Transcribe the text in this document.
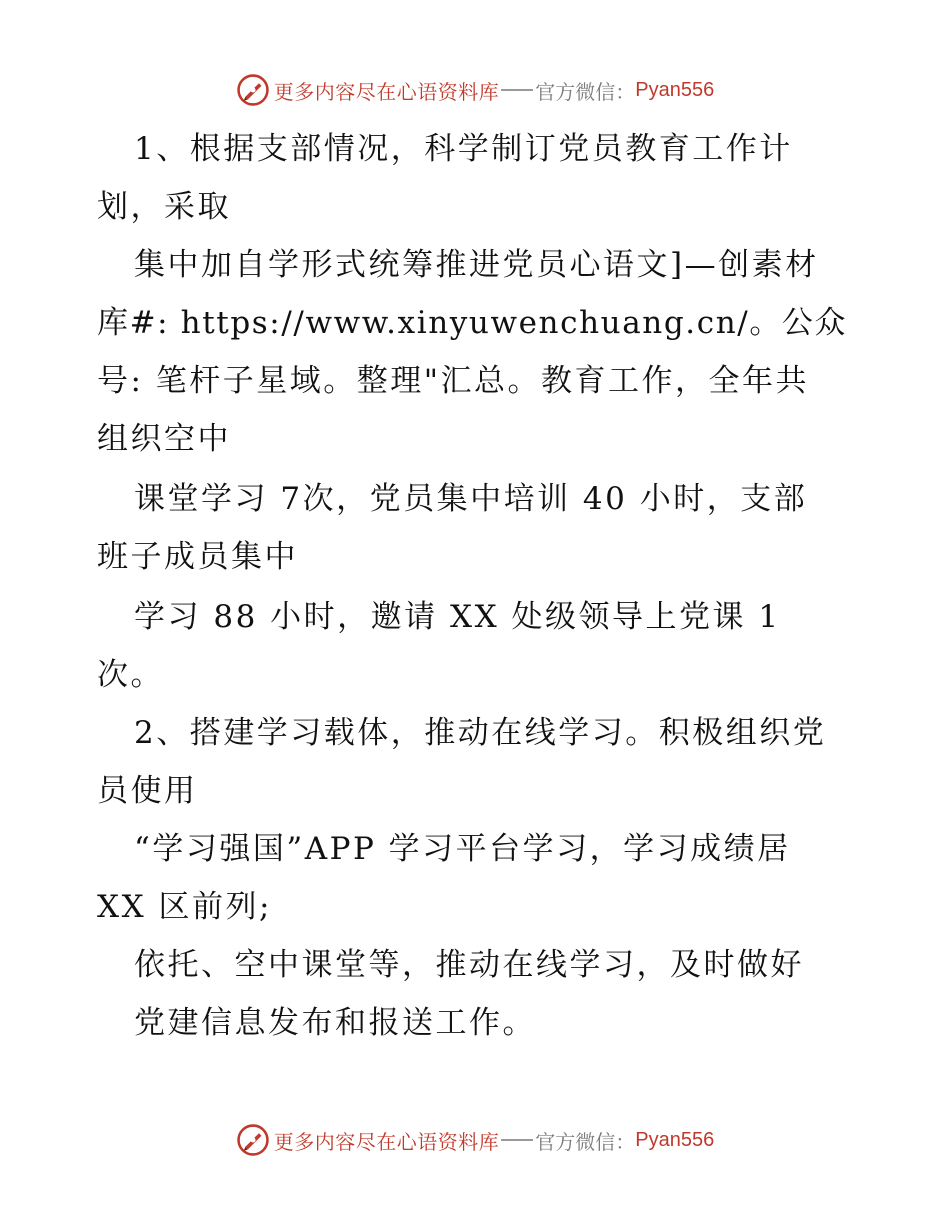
更多内容尽在心语资料库 官方微信： Pyan556
1、根据支部情况，科学制订党员教育工作计
划，采取
集中加自学形式统筹推进党员心语文]—创素材
库#: https://www.xinyuwenchuang.cn/。公众
号: 笔杆子星域。整理"汇总。教育工作，全年共
组织空中
课堂学习 7次，党员集中培训 40 小时，支部
班子成员集中
学习 88 小时，邀请 XX 处级领导上党课 1
次。
2、搭建学习载体，推动在线学习。积极组织党
员使用
“学习强国”APP 学习平台学习，学习成绩居
XX 区前列;
依托、空中课堂等，推动在线学习，及时做好
党建信息发布和报送工作。
更多内容尽在心语资料库 官方微信： Pyan556
